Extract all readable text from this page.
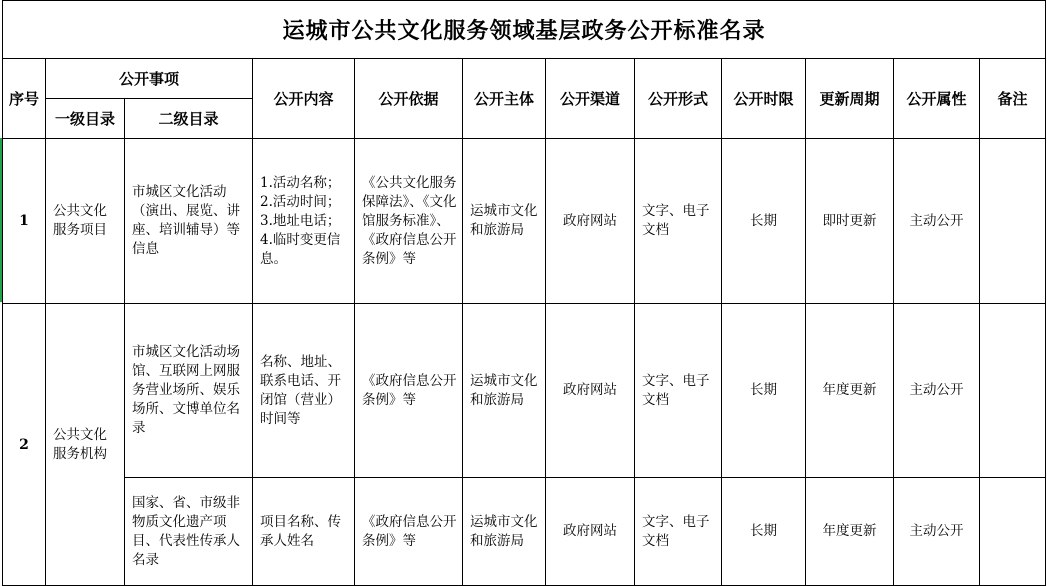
运城市公共文化服务领域基层政务公开标准名录											
序号	公开事项		公开内容	公开依据	公开主体	公开渠道	公开形式	公开时限	更新周期	公开属性	备注
	一级目录	二级目录									
1	公共文化服务项目	市城区文化活动（演出、展览、讲座、培训辅导）等信息	1.活动名称；2.活动时间；3.地址电话；4.临时变更信息。	《公共文化服务保障法》、《文化馆服务标准》、《政府信息公开条例》等	运城市文化和旅游局	政府网站	文字、电子文档	长期	即时更新	主动公开	
2	公共文化服务机构	市城区文化活动场馆、互联网上网服务营业场所、娱乐场所、文博单位名录	名称、地址、联系电话、开闭馆（营业）时间等	《政府信息公开条例》等	运城市文化和旅游局	政府网站	文字、电子文档	长期	年度更新	主动公开	

		国家、省、市级非物质文化遗产项目、代表性传承人名录	项目名称、传承人姓名	《政府信息公开条例》等	运城市文化和旅游局	政府网站	文字、电子文档	长期	年度更新	主动公开	
